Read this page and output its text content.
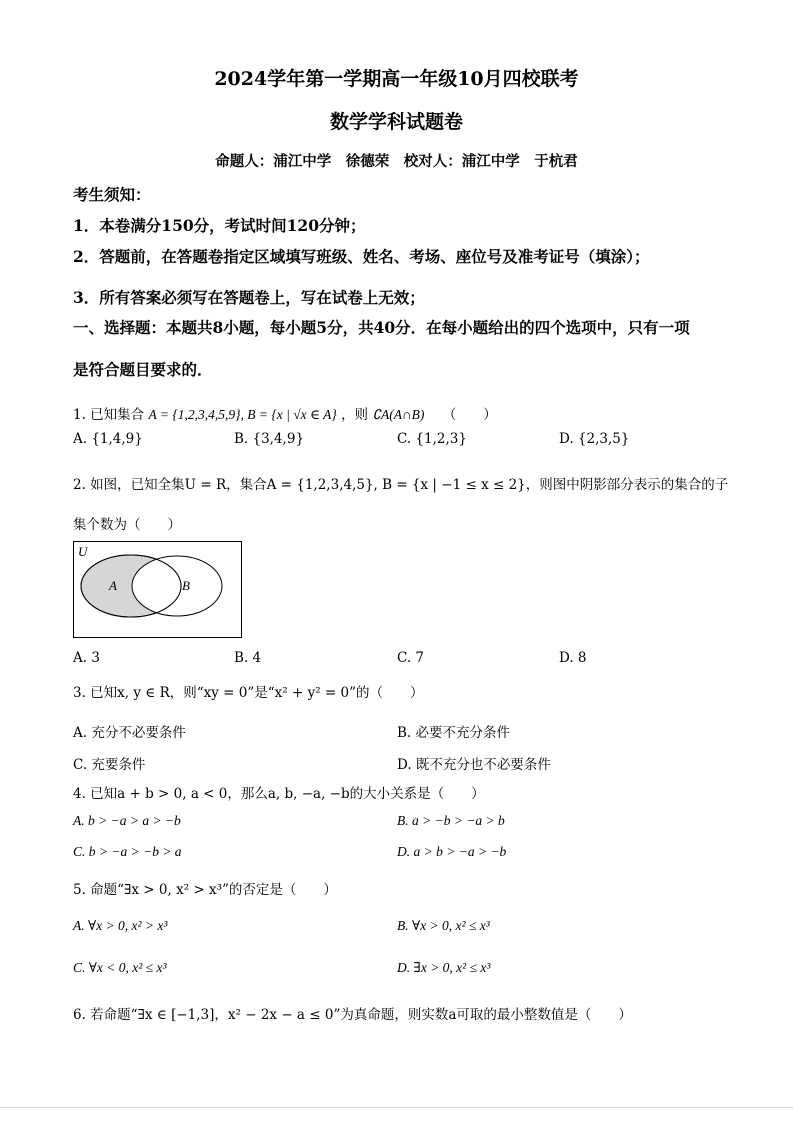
2024学年第一学期高一年级10月四校联考
数学学科试题卷
命题人：浦江中学　徐德荣　校对人：浦江中学　于杭君
考生须知：
1．本卷满分150分，考试时间120分钟；
2．答题前，在答题卷指定区域填写班级、姓名、考场、座位号及准考证号（填涂）；
3．所有答案必须写在答题卷上，写在试卷上无效；
一、选择题：本题共8小题，每小题5分，共40分．在每小题给出的四个选项中，只有一项
是符合题目要求的．
1. 已知集合 A = {1,2,3,4,5,9}, B = {x | √x ∈ A} ，则 ∁A(A∩B) （　　）
A. {1,4,9}	B. {3,4,9}	C. {1,2,3}	D. {2,3,5}
2. 如图，已知全集U = R，集合A = {1,2,3,4,5}, B = {x | −1 ≤ x ≤ 2}，则图中阴影部分表示的集合的子
集个数为（　　）
U
A	B
A. 3	B. 4	C. 7	D. 8
3. 已知x, y ∈ R，则“xy = 0”是“x² + y² = 0”的（　　）
A. 充分不必要条件	B. 必要不充分条件
C. 充要条件	D. 既不充分也不必要条件
4. 已知a + b > 0, a < 0，那么a, b, −a, −b的大小关系是（　　）
A. b > −a > a > −b	B. a > −b > −a > b
C. b > −a > −b > a	D. a > b > −a > −b
5. 命题“∃x > 0, x² > x³”的否定是（　　）
A. ∀x > 0, x² > x³	B. ∀x > 0, x² ≤ x³
C. ∀x < 0, x² ≤ x³	D. ∃x > 0, x² ≤ x³
6. 若命题“∃x ∈ [−1,3]，x² − 2x − a ≤ 0”为真命题，则实数a可取的最小整数值是（　　）
